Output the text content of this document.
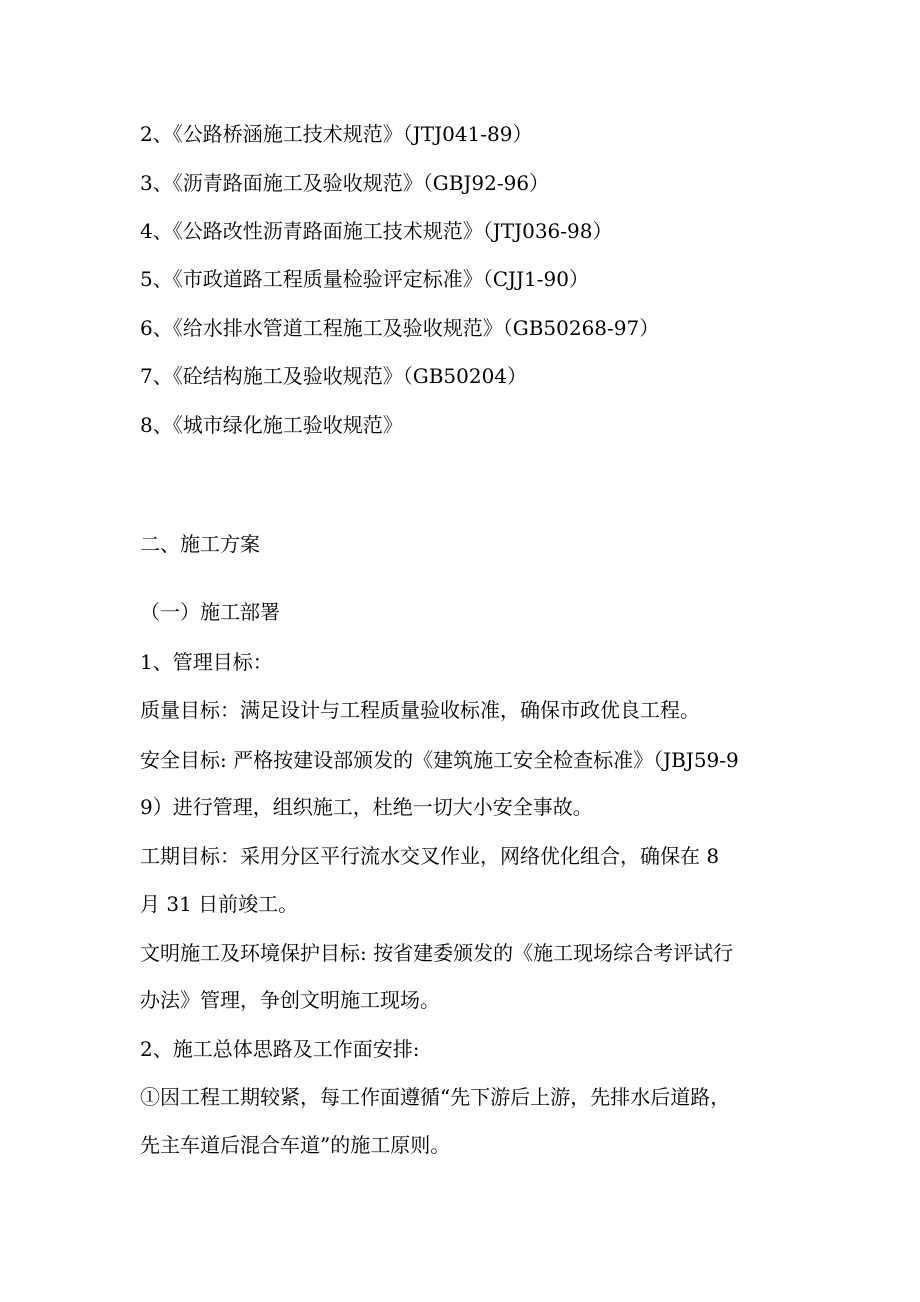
2、《公路桥涵施工技术规范》（JTJ041-89）
3、《沥青路面施工及验收规范》（GBJ92-96）
4、《公路改性沥青路面施工技术规范》（JTJ036-98）
5、《市政道路工程质量检验评定标准》（CJJ1-90）
6、《给水排水管道工程施工及验收规范》（GB50268-97）
7、《砼结构施工及验收规范》（GB50204）
8、《城市绿化施工验收规范》
二、施工方案
（一）施工部署
1、管理目标：
质量目标：满足设计与工程质量验收标准，确保市政优良工程。
安全目标: 严格按建设部颁发的《建筑施工安全检查标准》（JBJ59-9
9）进行管理，组织施工，杜绝一切大小安全事故。
工期目标：采用分区平行流水交叉作业，网络优化组合，确保在 8
月 31 日前竣工。
文明施工及环境保护目标: 按省建委颁发的《施工现场综合考评试行
办法》管理，争创文明施工现场。
2、施工总体思路及工作面安排:
①因工程工期较紧，每工作面遵循“先下游后上游，先排水后道路，
先主车道后混合车道”的施工原则。
